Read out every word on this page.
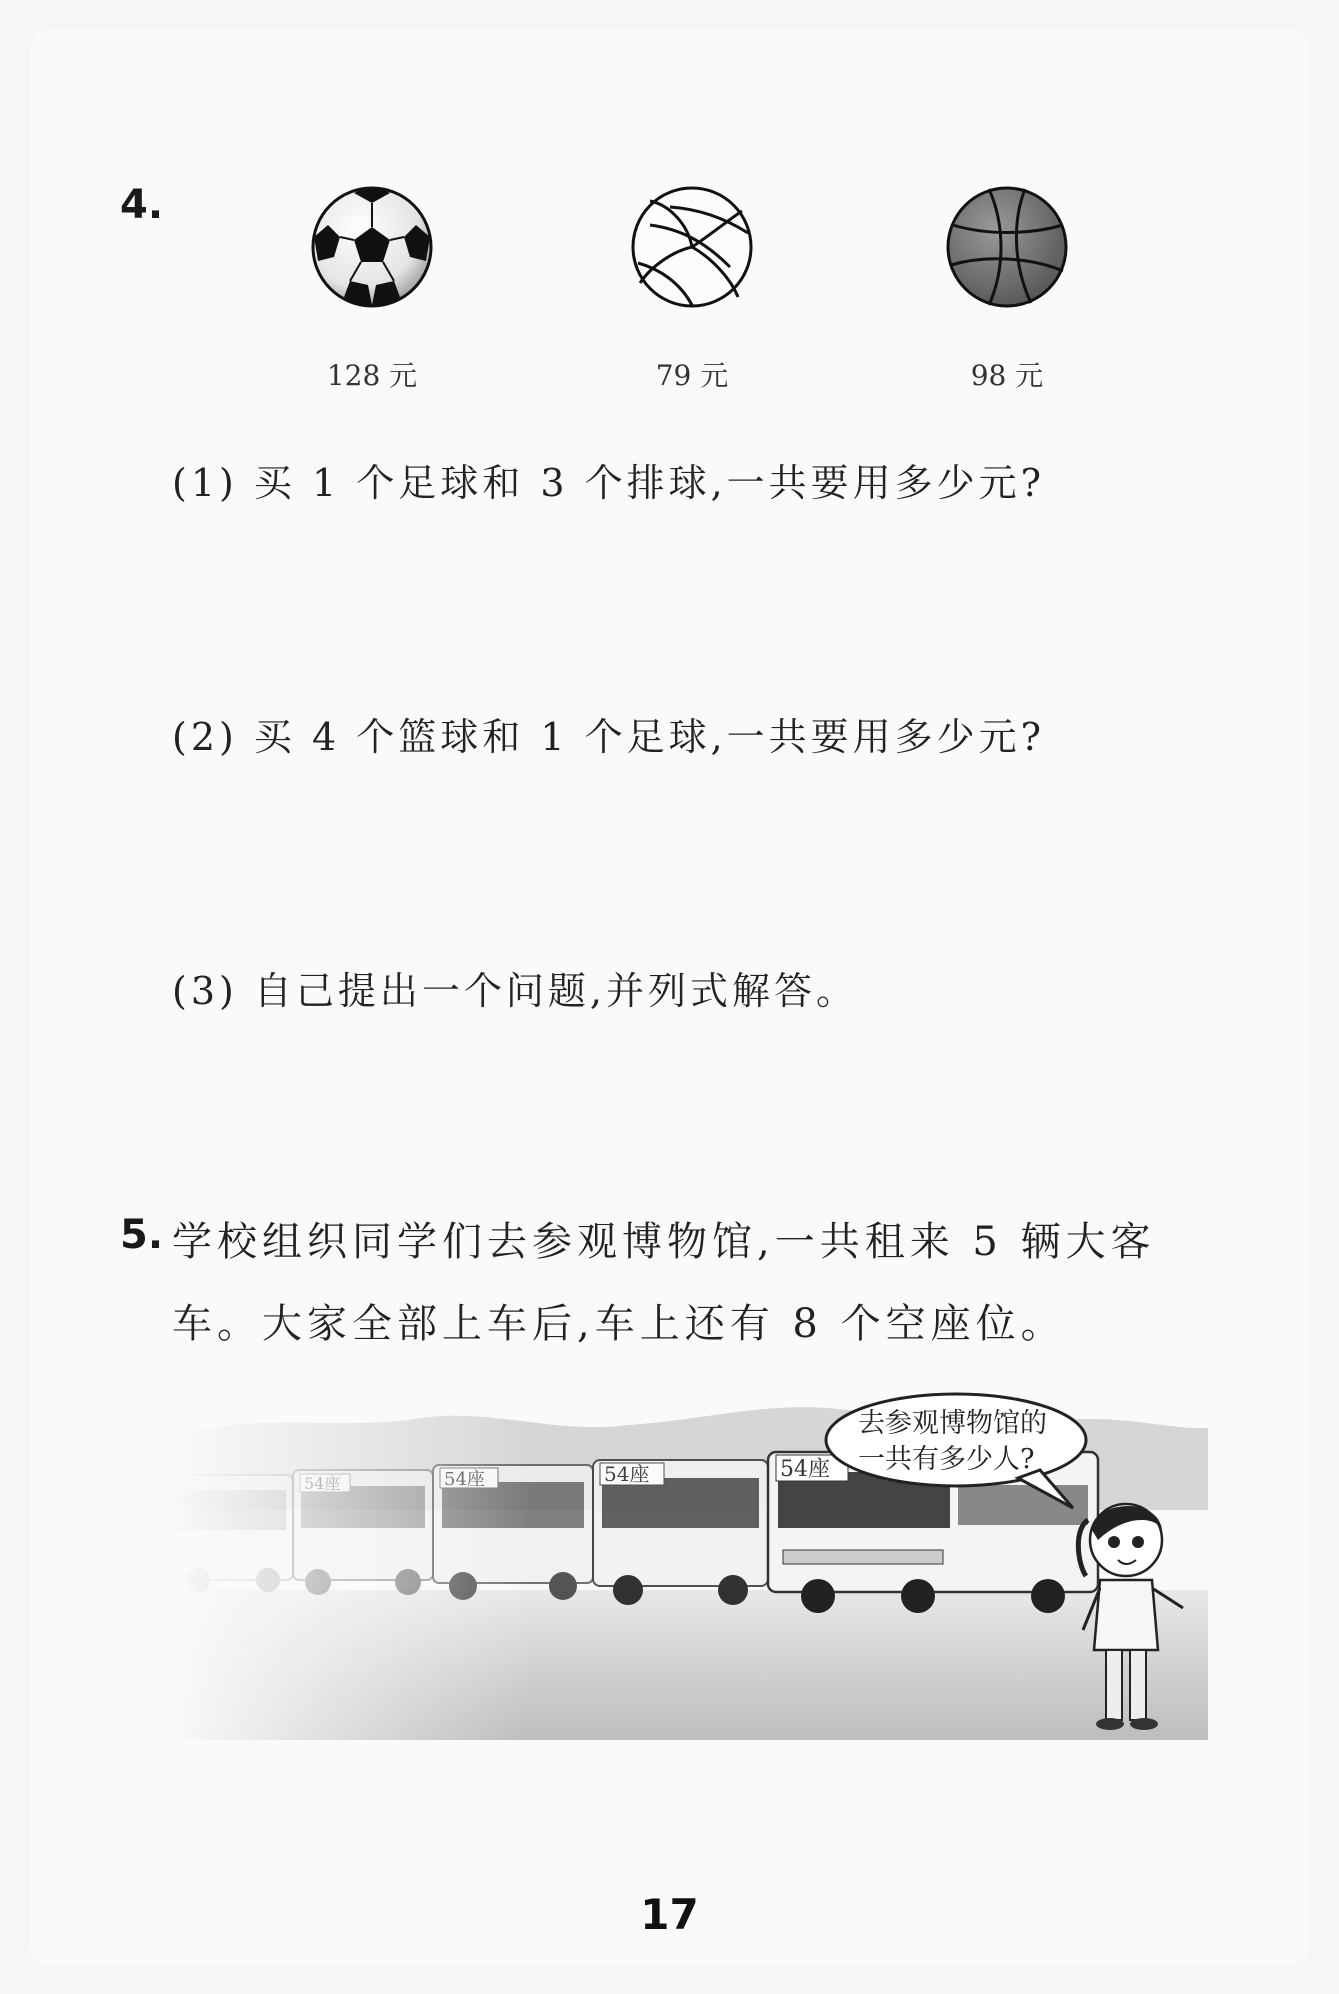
4.
128 元	79 元	98 元
(1) 买 1 个足球和 3 个排球,一共要用多少元?
(2) 买 4 个篮球和 1 个足球,一共要用多少元?
(3) 自己提出一个问题,并列式解答。
5. 学校组织同学们去参观博物馆,一共租来 5 辆大客
车。大家全部上车后,车上还有 8 个空座位。
去参观博物馆的
一共有多少人?
17
